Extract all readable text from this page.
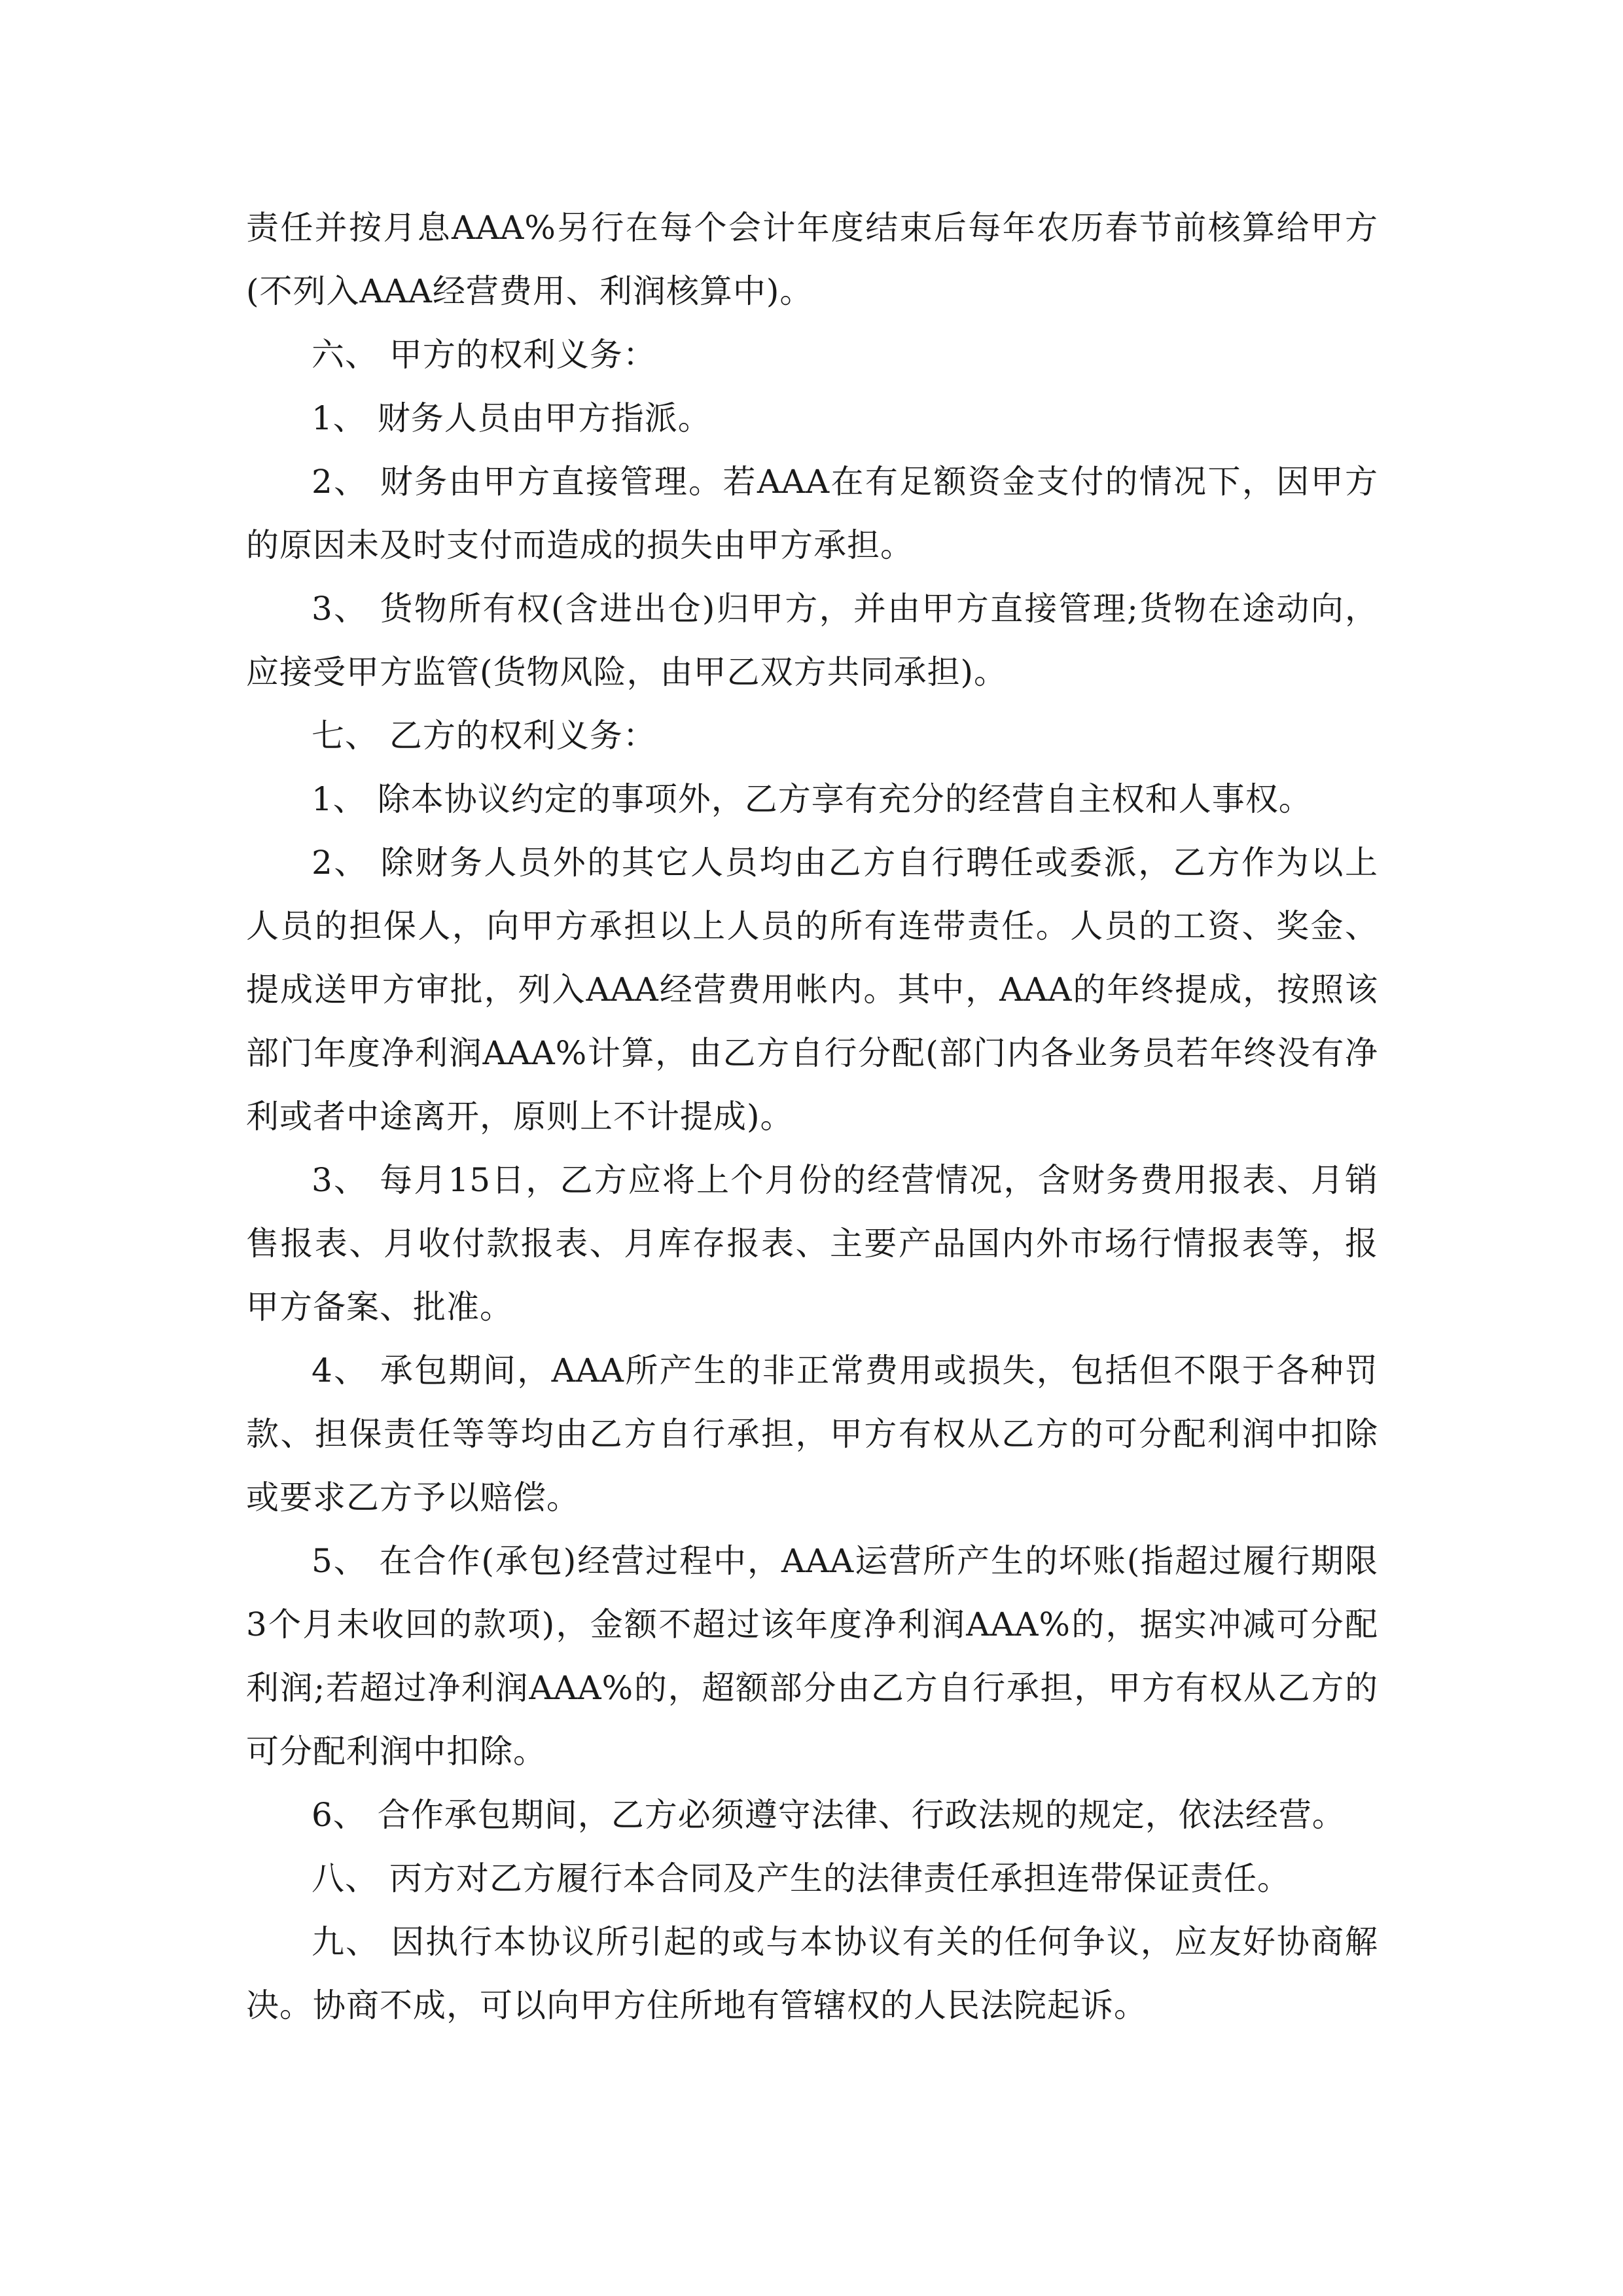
责任并按月息AAA%另行在每个会计年度结束后每年农历春节前核算给甲方(不列入AAA经营费用、利润核算中)。

六、 甲方的权利义务：

1、 财务人员由甲方指派。

2、 财务由甲方直接管理。若AAA在有足额资金支付的情况下，因甲方的原因未及时支付而造成的损失由甲方承担。

3、 货物所有权(含进出仓)归甲方，并由甲方直接管理;货物在途动向，应接受甲方监管(货物风险，由甲乙双方共同承担)。

七、 乙方的权利义务：

1、 除本协议约定的事项外，乙方享有充分的经营自主权和人事权。

2、 除财务人员外的其它人员均由乙方自行聘任或委派，乙方作为以上人员的担保人，向甲方承担以上人员的所有连带责任。人员的工资、奖金、提成送甲方审批，列入AAA经营费用帐内。其中，AAA的年终提成，按照该部门年度净利润AAA%计算，由乙方自行分配(部门内各业务员若年终没有净利或者中途离开，原则上不计提成)。

3、 每月15日，乙方应将上个月份的经营情况，含财务费用报表、月销售报表、月收付款报表、月库存报表、主要产品国内外市场行情报表等，报甲方备案、批准。

4、 承包期间，AAA所产生的非正常费用或损失，包括但不限于各种罚款、担保责任等等均由乙方自行承担，甲方有权从乙方的可分配利润中扣除或要求乙方予以赔偿。

5、 在合作(承包)经营过程中，AAA运营所产生的坏账(指超过履行期限3个月未收回的款项)，金额不超过该年度净利润AAA%的，据实冲减可分配利润;若超过净利润AAA%的，超额部分由乙方自行承担，甲方有权从乙方的可分配利润中扣除。

6、 合作承包期间，乙方必须遵守法律、行政法规的规定，依法经营。

八、 丙方对乙方履行本合同及产生的法律责任承担连带保证责任。

九、 因执行本协议所引起的或与本协议有关的任何争议，应友好协商解决。协商不成，可以向甲方住所地有管辖权的人民法院起诉。
